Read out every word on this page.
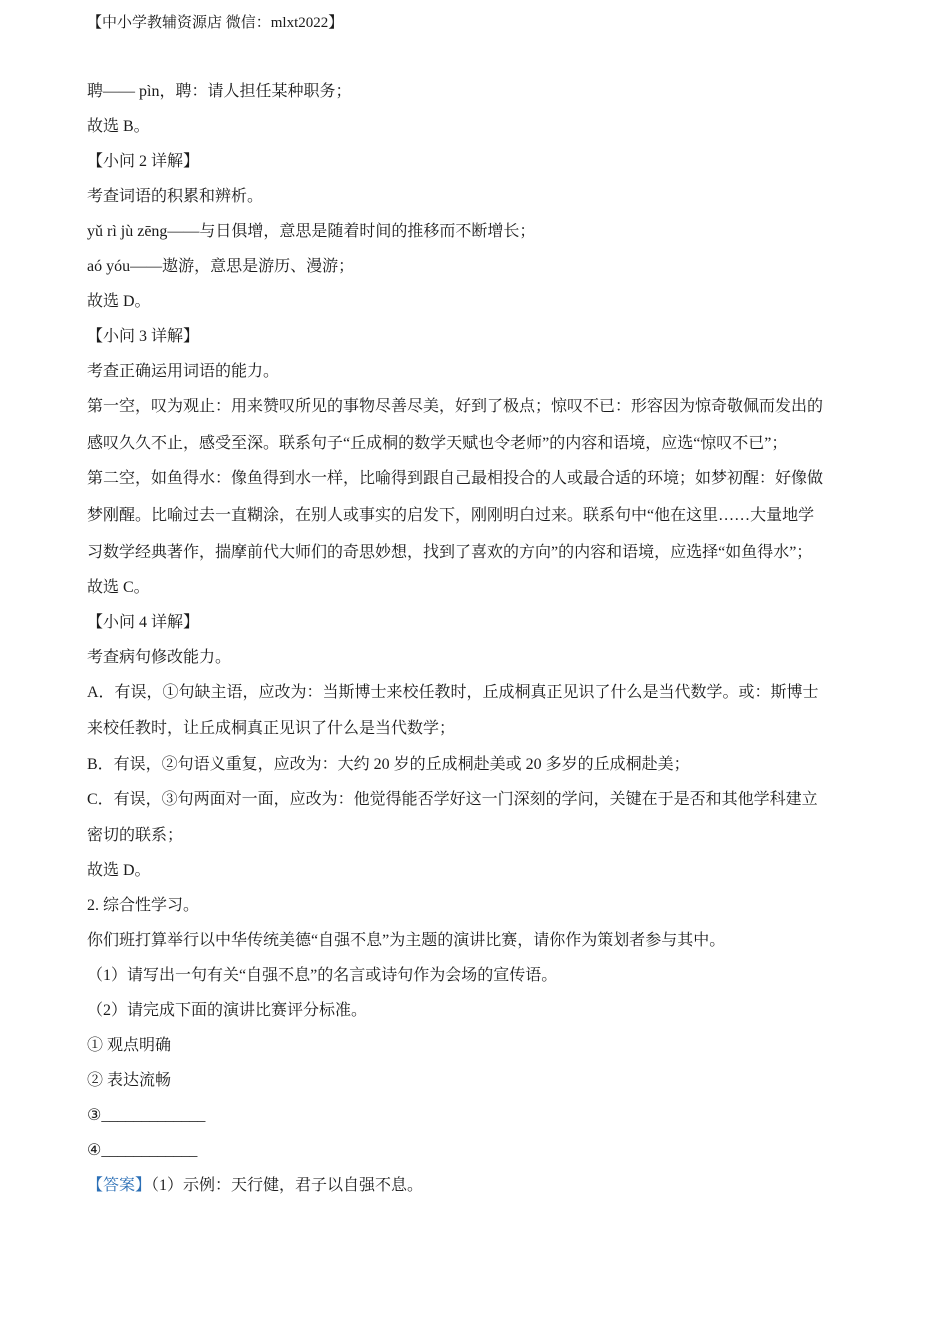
【中小学教辅资源店 微信：mlxt2022】
聘—— pìn，聘：请人担任某种职务；
故选 B。
【小问 2 详解】
考查词语的积累和辨析。
yǔ rì jù zēng——与日俱增，意思是随着时间的推移而不断增长；
aó yóu——遨游，意思是游历、漫游；
故选 D。
【小问 3 详解】
考查正确运用词语的能力。
第一空，叹为观止：用来赞叹所见的事物尽善尽美，好到了极点；惊叹不已：形容因为惊奇敬佩而发出的
感叹久久不止，感受至深。联系句子“丘成桐的数学天赋也令老师”的内容和语境，应选“惊叹不已”；
第二空，如鱼得水：像鱼得到水一样，比喻得到跟自己最相投合的人或最合适的环境；如梦初醒：好像做
梦刚醒。比喻过去一直糊涂，在别人或事实的启发下，刚刚明白过来。联系句中“他在这里……大量地学
习数学经典著作，揣摩前代大师们的奇思妙想，找到了喜欢的方向”的内容和语境，应选择“如鱼得水”；
故选 C。
【小问 4 详解】
考查病句修改能力。
A．有误，①句缺主语，应改为：当斯博士来校任教时，丘成桐真正见识了什么是当代数学。或：斯博士
来校任教时，让丘成桐真正见识了什么是当代数学；
B．有误，②句语义重复，应改为：大约 20 岁的丘成桐赴美或 20 多岁的丘成桐赴美；
C．有误，③句两面对一面，应改为：他觉得能否学好这一门深刻的学问，关键在于是否和其他学科建立
密切的联系；
故选 D。
2. 综合性学习。
你们班打算举行以中华传统美德“自强不息”为主题的演讲比赛，请你作为策划者参与其中。
（1）请写出一句有关“自强不息”的名言或诗句作为会场的宣传语。
（2）请完成下面的演讲比赛评分标准。
① 观点明确
② 表达流畅
③_____________
④____________
【答案】（1）示例：天行健，君子以自强不息。
